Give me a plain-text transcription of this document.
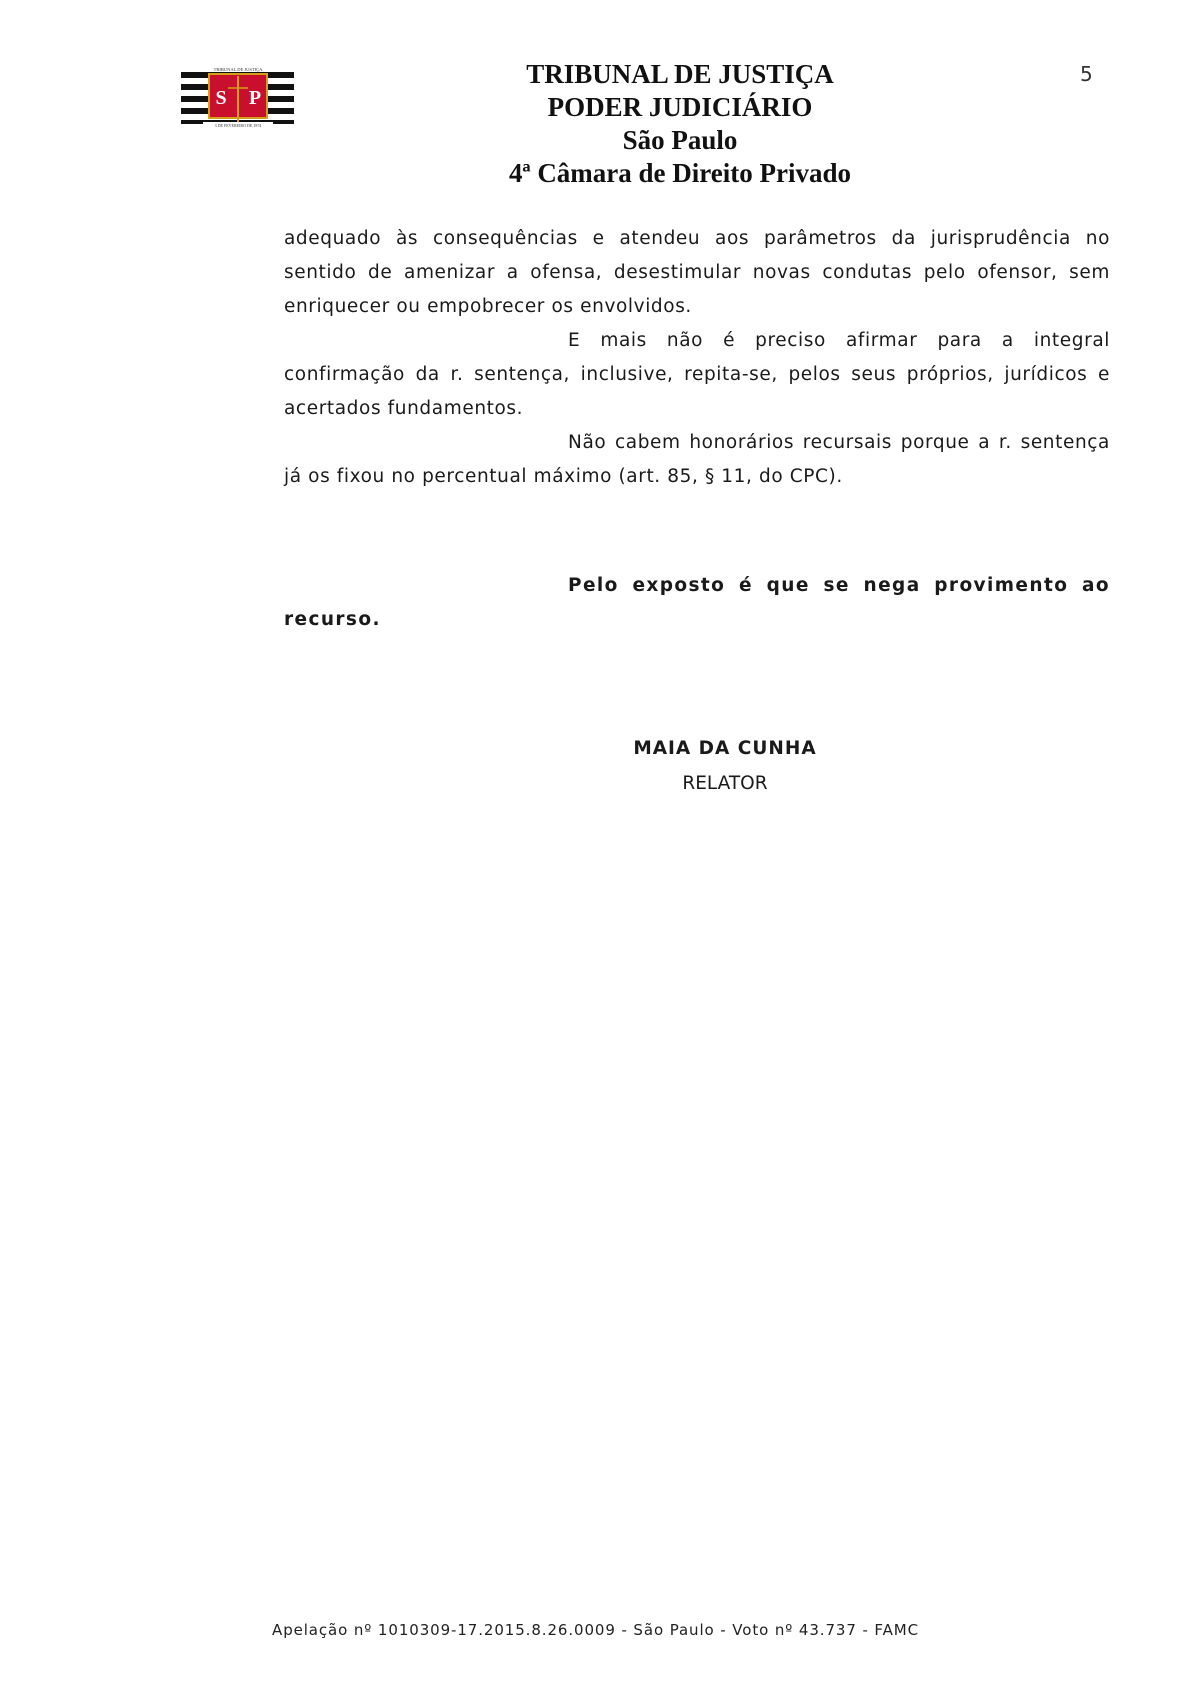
S P
TRIBUNAL DE JUSTIÇA
3 DE FEVEREIRO DE 1874
TRIBUNAL DE JUSTIÇA
PODER JUDICIÁRIO
São Paulo
4ª Câmara de Direito Privado
5
adequado às consequências e atendeu aos parâmetros da jurisprudência no
sentido de amenizar a ofensa, desestimular novas condutas pelo ofensor, sem
enriquecer ou empobrecer os envolvidos.
E mais não é preciso afirmar para a integral
confirmação da r. sentença, inclusive, repita-se, pelos seus próprios, jurídicos e
acertados fundamentos.
Não cabem honorários recursais porque a r. sentença
já os fixou no percentual máximo (art. 85, § 11, do CPC).
Pelo exposto é que se nega provimento ao
recurso.
MAIA DA CUNHA
RELATOR
Apelação nº 1010309-17.2015.8.26.0009 - São Paulo - Voto nº 43.737 - FAMC
